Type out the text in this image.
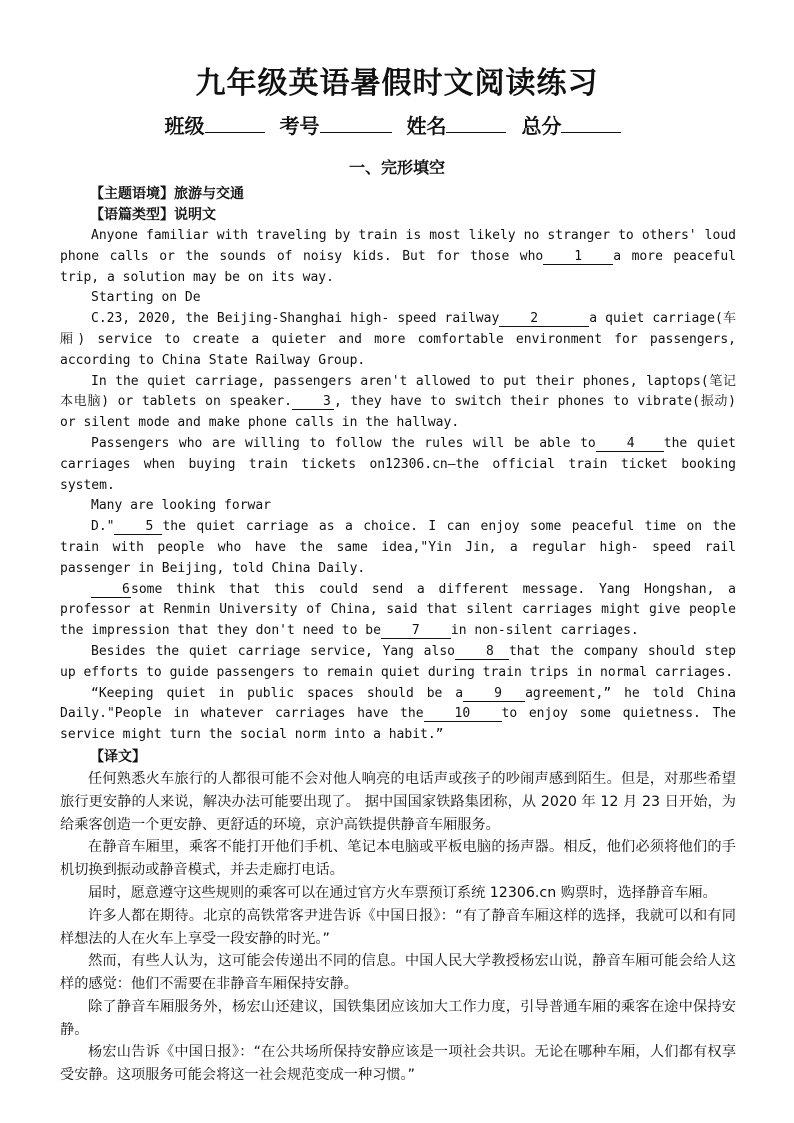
九年级英语暑假时文阅读练习
班级	考号	姓名	总分
一、完形填空
【主题语境】旅游与交通
【语篇类型】说明文

Anyone familiar with traveling by train is most likely no stranger to others' loud phone calls or the sounds of noisy kids. But for those who 1 a more peaceful trip, a solution may be on its way.

Starting on De

C.23, 2020, the Beijing-Shanghai high- speed railway 2	a quiet carriage(车厢) service to create a quieter and more comfortable environment for passengers, according to China State Railway Group.

In the quiet carriage, passengers aren't allowed to put their phones, laptops(笔记本电脑) or tablets on speaker. 3 , they have to switch their phones to vibrate(振动) or silent mode and make phone calls in the hallway.

Passengers who are willing to follow the rules will be able to 4 the quiet carriages when buying train tickets on12306.cn—the official train ticket booking system.

Many are looking forwar

D." 5 the quiet carriage as a choice. I can enjoy some peaceful time on the train with people who have the same idea,"Yin Jin, a regular high- speed rail passenger in Beijing, told China Daily.

6some think that this could send a different message. Yang Hongshan, a professor at Renmin University of China, said that silent carriages might give people the impression that they don't need to be 7 in non-silent carriages.

Besides the quiet carriage service, Yang also 8 that the company should step up efforts to guide passengers to remain quiet during train trips in normal carriages.

“Keeping quiet in public spaces should be a 9 agreement,” he told China Daily."People in whatever carriages have the 10 to enjoy some quietness. The service might turn the social norm into a habit.”

【译文】

任何熟悉火车旅行的人都很可能不会对他人响亮的电话声或孩子的吵闹声感到陌生。但是，对那些希望旅行更安静的人来说，解决办法可能要出现了。 据中国国家铁路集团称，从 2020 年 12 月 23 日开始，为给乘客创造一个更安静、更舒适的环境，京沪高铁提供静音车厢服务。

在静音车厢里，乘客不能打开他们手机、笔记本电脑或平板电脑的扬声器。相反，他们必须将他们的手机切换到振动或静音模式，并去走廊打电话。

届时，愿意遵守这些规则的乘客可以在通过官方火车票预订系统 12306.cn 购票时，选择静音车厢。

许多人都在期待。北京的高铁常客尹进告诉《中国日报》：“有了静音车厢这样的选择，我就可以和有同样想法的人在火车上享受一段安静的时光。”

然而，有些人认为，这可能会传递出不同的信息。中国人民大学教授杨宏山说，静音车厢可能会给人这样的感觉：他们不需要在非静音车厢保持安静。

除了静音车厢服务外，杨宏山还建议，国铁集团应该加大工作力度，引导普通车厢的乘客在途中保持安静。

杨宏山告诉《中国日报》：“在公共场所保持安静应该是一项社会共识。无论在哪种车厢，人们都有权享受安静。这项服务可能会将这一社会规范变成一种习惯。”
